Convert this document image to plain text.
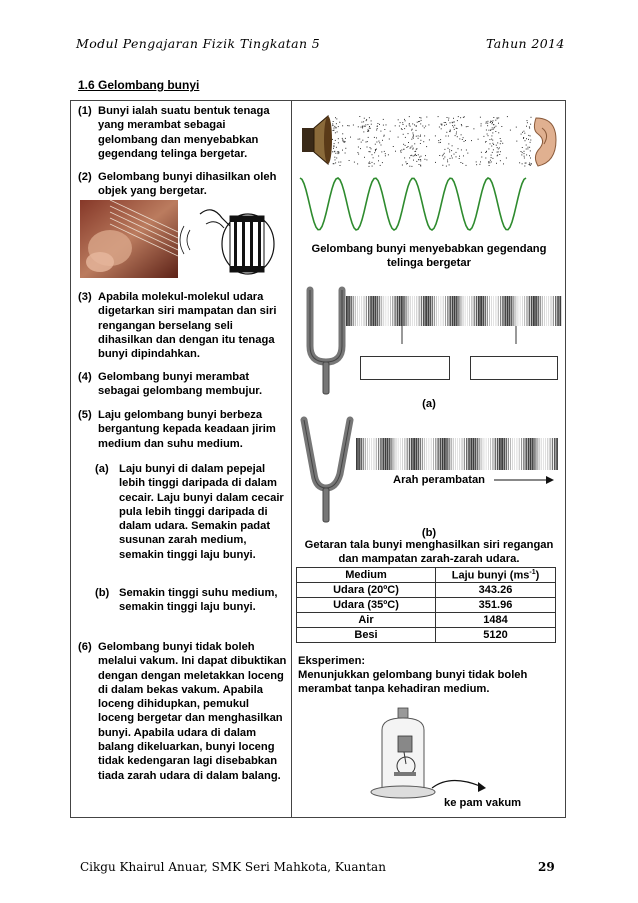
Modul Pengajaran Fizik Tingkatan 5	Tahun 2014
1.6 Gelombang bunyi
(1) Bunyi ialah suatu bentuk tenaga yang merambat sebagai gelombang dan menyebabkan gegendang telinga bergetar.
(2) Gelombang bunyi dihasilkan oleh objek yang bergetar.
(3) Apabila molekul-molekul udara digetarkan siri mampatan dan siri rengangan berselang seli dihasilkan dan dengan itu tenaga bunyi dipindahkan.
(4) Gelombang bunyi merambat sebagai gelombang membujur.
(5) Laju gelombang bunyi berbeza bergantung kepada keadaan jirim medium dan suhu medium.
(a) Laju bunyi di dalam pepejal lebih tinggi daripada di dalam cecair. Laju bunyi dalam cecair pula lebih tinggi daripada di dalam udara. Semakin padat susunan zarah medium, semakin tinggi laju bunyi.
(b) Semakin tinggi suhu medium, semakin tinggi laju bunyi.
(6) Gelombang bunyi tidak boleh melalui vakum. Ini dapat dibuktikan dengan dengan meletakkan loceng di dalam bekas vakum. Apabila loceng dihidupkan, pemukul loceng bergetar dan menghasilkan bunyi. Apabila udara di dalam balang dikeluarkan, bunyi loceng tidak kedengaran lagi disebabkan tiada zarah udara di dalam balang.
Gelombang bunyi menyebabkan gegendang telinga bergetar
(a)
Arah perambatan
(b)
Getaran tala bunyi menghasilkan siri regangan dan mampatan zarah-zarah udara.
Medium	Laju bunyi $(ms^{-1})$
Udara (20ºC)	343.26
Udara (35ºC)	351.96
Air	1484
Besi	5120
Eksperimen:
Menunjukkan gelombang bunyi tidak boleh merambat tanpa kehadiran medium.
ke pam vakum
Cikgu Khairul Anuar, SMK Seri Mahkota, Kuantan	29
